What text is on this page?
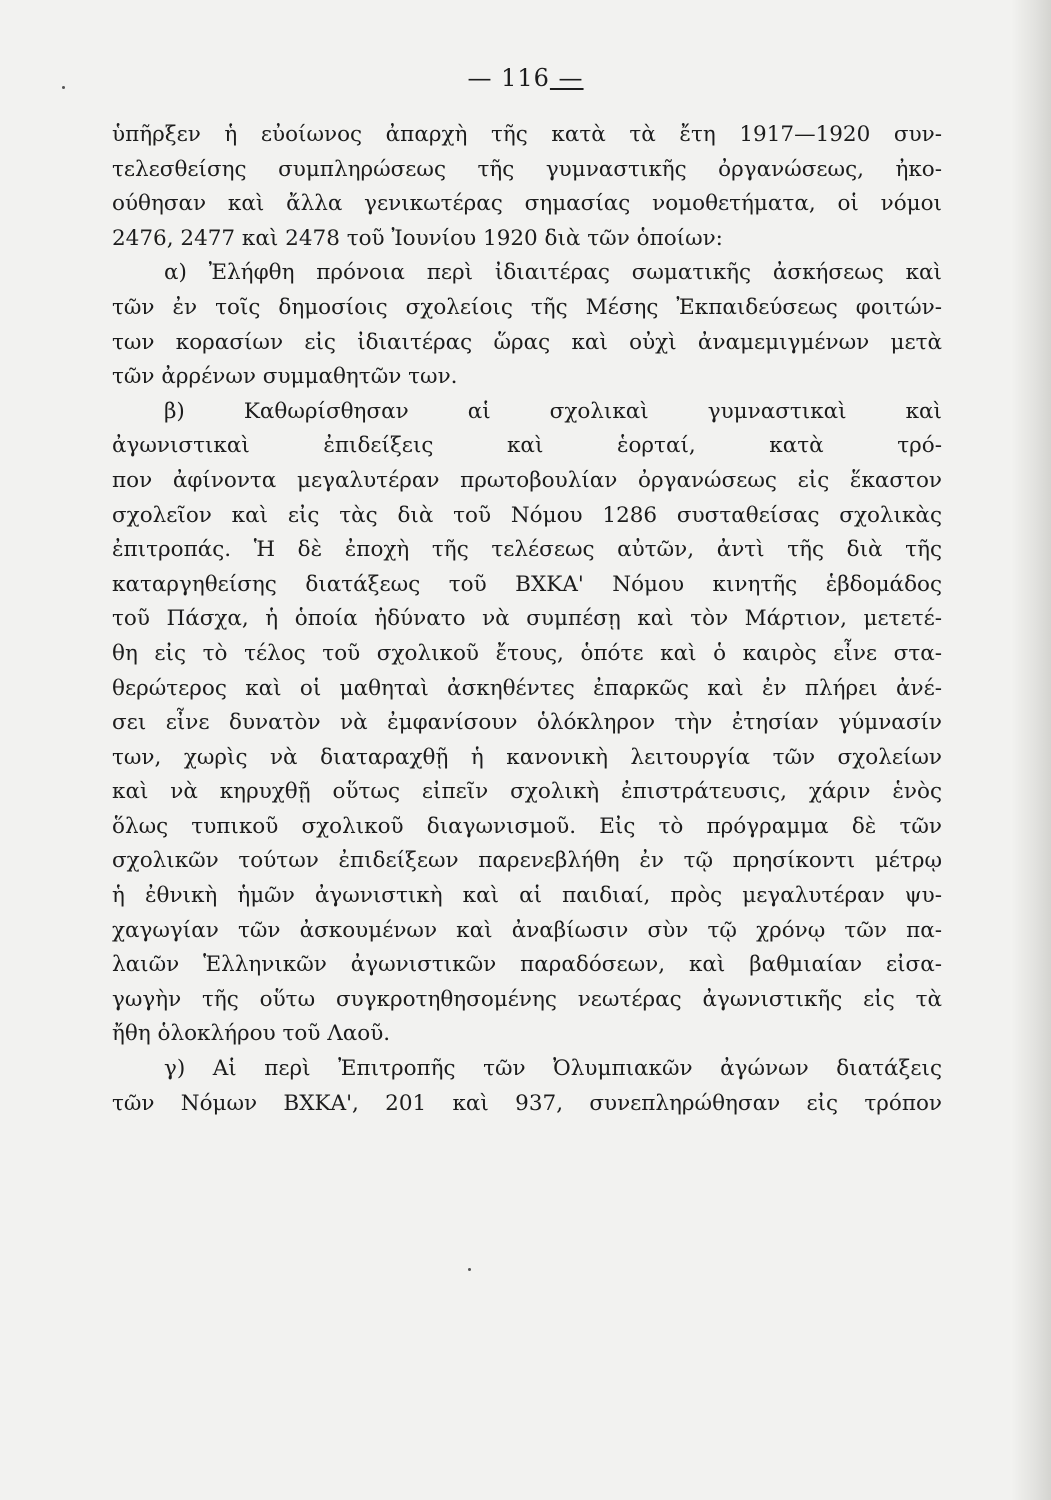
— 116 —
ὑπῆρξεν ἡ εὐοίωνος ἀπαρχὴ τῆς κατὰ τὰ ἔτη 1917—1920 συν-
τελεσθείσης συμπληρώσεως τῆς γυμναστικῆς ὀργανώσεως, ἠκο-
ούθησαν καὶ ἄλλα γενικωτέρας σημασίας νομοθετήματα, οἱ νόμοι
2476, 2477 καὶ 2478 τοῦ Ἰουνίου 1920 διὰ τῶν ὁποίων:
α) Ἐλήφθη πρόνοια περὶ ἰδιαιτέρας σωματικῆς ἀσκήσεως καὶ
τῶν ἐν τοῖς δημοσίοις σχολείοις τῆς Μέσης Ἐκπαιδεύσεως φοιτών-
των κορασίων εἰς ἰδιαιτέρας ὥρας καὶ οὐχὶ ἀναμεμιγμένων μετὰ
τῶν ἀρρένων συμμαθητῶν των.
β) Καθωρίσθησαν αἱ σχολικαὶ γυμναστικαὶ καὶ
ἀγωνιστικαὶ ἐπιδείξεις καὶ ἑορταί, κατὰ τρό-
πον ἀφίνοντα μεγαλυτέραν πρωτοβουλίαν ὀργανώσεως εἰς ἕκαστον
σχολεῖον καὶ εἰς τὰς διὰ τοῦ Νόμου 1286 συσταθείσας σχολικὰς
ἐπιτροπάς. Ἡ δὲ ἐποχὴ τῆς τελέσεως αὐτῶν, ἀντὶ τῆς διὰ τῆς
καταργηθείσης διατάξεως τοῦ ΒΧΚΑ' Νόμου κινητῆς ἑβδομάδος
τοῦ Πάσχα, ἡ ὁποία ἠδύνατο νὰ συμπέσῃ καὶ τὸν Μάρτιον, μετετέ-
θη εἰς τὸ τέλος τοῦ σχολικοῦ ἔτους, ὁπότε καὶ ὁ καιρὸς εἶνε στα-
θερώτερος καὶ οἱ μαθηταὶ ἀσκηθέντες ἐπαρκῶς καὶ ἐν πλήρει ἀνέ-
σει εἶνε δυνατὸν νὰ ἐμφανίσουν ὁλόκληρον τὴν ἐτησίαν γύμνασίν
των, χωρὶς νὰ διαταραχθῇ ἡ κανονικὴ λειτουργία τῶν σχολείων
καὶ νὰ κηρυχθῇ οὕτως εἰπεῖν σχολικὴ ἐπιστράτευσις, χάριν ἑνὸς
ὅλως τυπικοῦ σχολικοῦ διαγωνισμοῦ. Εἰς τὸ πρόγραμμα δὲ τῶν
σχολικῶν τούτων ἐπιδείξεων παρενεβλήθη ἐν τῷ πρησίκοντι μέτρῳ
ἡ ἐθνικὴ ἡμῶν ἀγωνιστικὴ καὶ αἱ παιδιαί, πρὸς μεγαλυτέραν ψυ-
χαγωγίαν τῶν ἀσκουμένων καὶ ἀναβίωσιν σὺν τῷ χρόνῳ τῶν πα-
λαιῶν Ἑλληνικῶν ἀγωνιστικῶν παραδόσεων, καὶ βαθμιαίαν εἰσα-
γωγὴν τῆς οὕτω συγκροτηθησομένης νεωτέρας ἀγωνιστικῆς εἰς τὰ
ἤθη ὁλοκλήρου τοῦ Λαοῦ.
γ) Αἱ περὶ Ἐπιτροπῆς τῶν Ὀλυμπιακῶν ἀγώνων διατάξεις
τῶν Νόμων ΒΧΚΑ', 201 καὶ 937, συνεπληρώθησαν εἰς τρόπον
